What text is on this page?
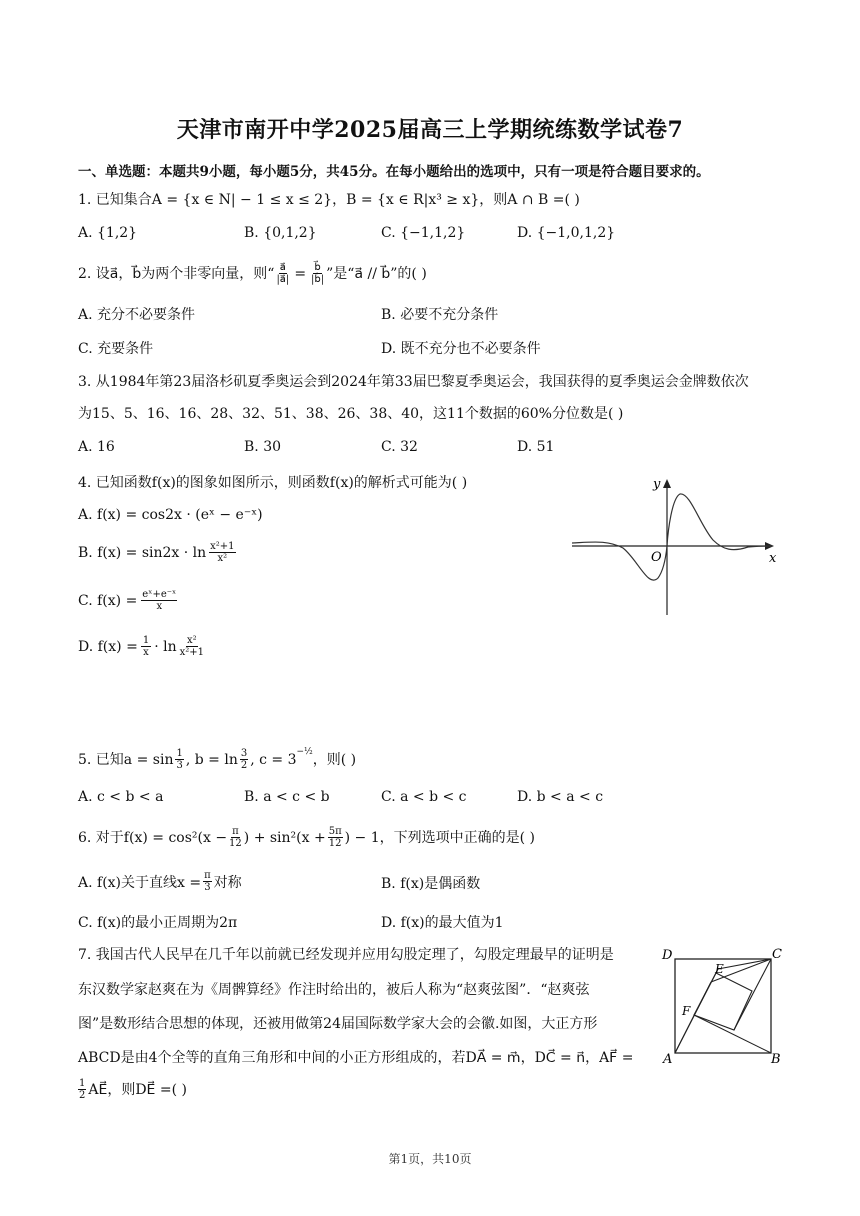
天津市南开中学2025届高三上学期统练数学试卷7
一、单选题：本题共9小题，每小题5分，共45分。在每小题给出的选项中，只有一项是符合题目要求的。
1. 已知集合A = {x ∈ N| − 1 ≤ x ≤ 2}，B = {x ∈ R|x³ ≥ x}，则A ∩ B =( )
A. {1,2}	B. {0,1,2}	C. {−1,1,2}	D. {−1,0,1,2}
2. 设a⃗，b⃗为两个非零向量，则“ $\frac{a⃗}{|a⃗|} = \frac{b⃗}{|b⃗|}$ ”是“a⃗ // b⃗”的( )
A. 充分不必要条件	B. 必要不充分条件
C. 充要条件	D. 既不充分也不必要条件
3. 从1984年第23届洛杉矶夏季奥运会到2024年第33届巴黎夏季奥运会，我国获得的夏季奥运会金牌数依次
为15、5、16、16、28、32、51、38、26、38、40，这11个数据的60%分位数是( )
A. 16	B. 30	C. 32	D. 51
4. 已知函数f(x)的图象如图所示，则函数f(x)的解析式可能为( )
A. f(x) = cos2x · (eˣ − e⁻ˣ)
B. f(x) = sin2x · ln x²+1
x²
C. $f(x) = \frac{\text{eˣ+e⁻ˣ}}{x}$
D. $f(x) = \frac{1}{x} \cdot \ln x^2$
x²+1
y
x
O
5. 已知a = sin 1
3 , b = ln 3
2 , c = 3 −½ ，则( )
A. c < b < a	B. a < c < b	C. a < b < c	D. b < a < c
6. 对于$f(x) = \cos^2(x - \frac{\pi}{12}$ ) + $\sin^2(x + \frac{5\pi}{12}$ ) − 1，下列选项中正确的是( )
A. f(x)关于直线$x = \frac{\pi}{3}$ 对称	B. f(x)是偶函数
C. f(x)的最小正周期为2π	D. f(x)的最大值为1
7. 我国古代人民早在几千年以前就已经发现并应用勾股定理了，勾股定理最早的证明是
东汉数学家赵爽在为《周髀算经》作注时给出的，被后人称为“赵爽弦图”．“赵爽弦
图”是数形结合思想的体现，还被用做第24届国际数学家大会的会徽.如图，大正方形
ABCD是由4个全等的直角三角形和中间的小正方形组成的，若DA⃗ = m⃗，DC⃗ = n⃗，AF⃗ =
1
2 AE⃗，则DE⃗ =( )
D	C
A	B
E
F
第1页，共10页
